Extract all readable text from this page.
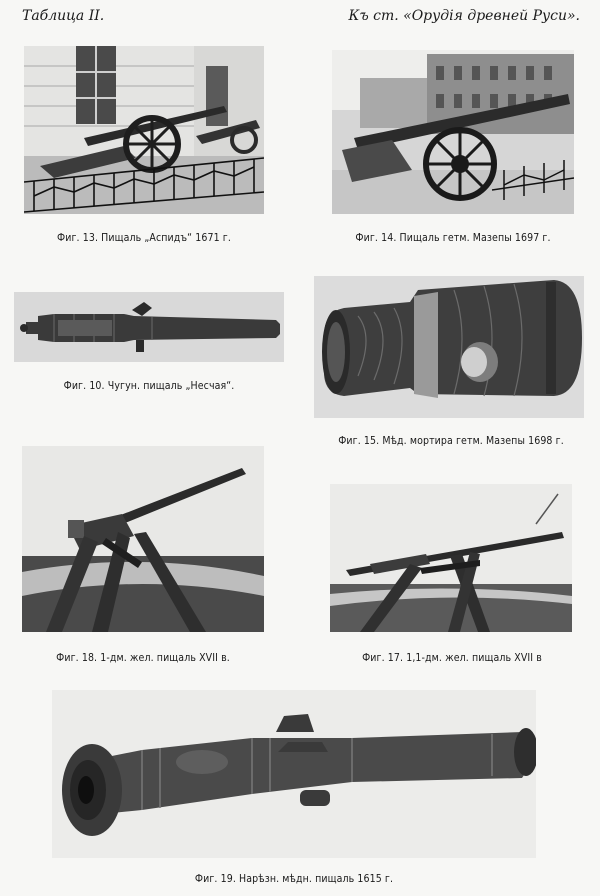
Таблица II.	Къ ст. «Орудія древней Руси».
Фиг. 13. Пищаль „Аспидъ“ 1671 г.	Фиг. 14. Пищаль гетм. Мазепы 1697 г.
Фиг. 10. Чугун. пищаль „Несчая“.
Фиг. 15. Мѣд. мортира гетм. Мазепы 1698 г.
Фиг. 18. 1-дм. жел. пищаль XVII в.	Фиг. 17. 1,1-дм. жел. пищаль XVII в
Фиг. 19. Нарѣзн. мѣдн. пищаль 1615 г.
